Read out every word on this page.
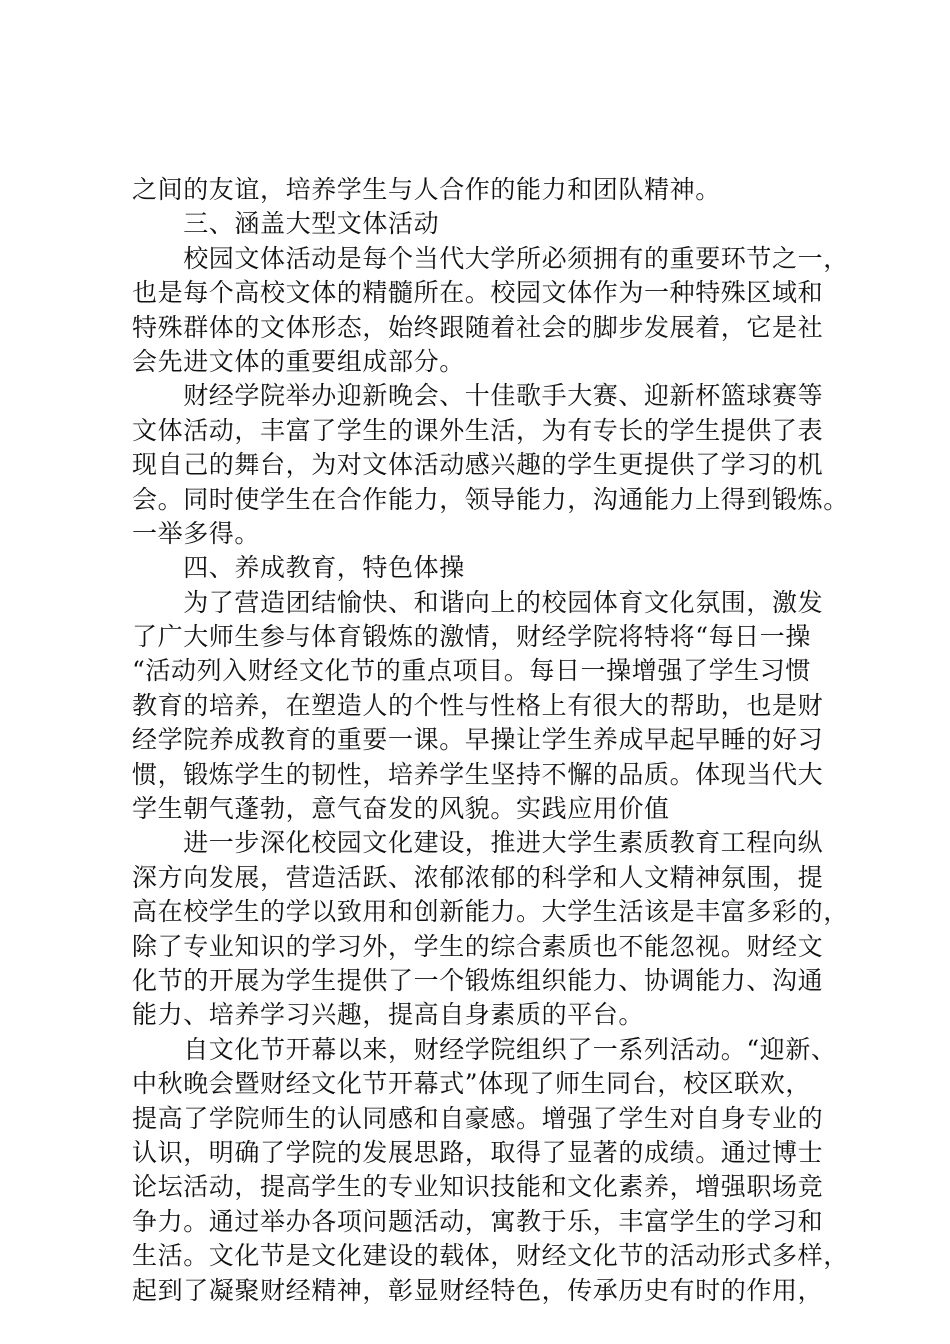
之间的友谊，培养学生与人合作的能力和团队精神。
　　三、涵盖大型文体活动
　　校园文体活动是每个当代大学所必须拥有的重要环节之一，
也是每个高校文体的精髓所在。校园文体作为一种特殊区域和
特殊群体的文体形态，始终跟随着社会的脚步发展着，它是社
会先进文体的重要组成部分。
　　财经学院举办迎新晚会、十佳歌手大赛、迎新杯篮球赛等
文体活动，丰富了学生的课外生活，为有专长的学生提供了表
现自己的舞台，为对文体活动感兴趣的学生更提供了学习的机
会。同时使学生在合作能力，领导能力，沟通能力上得到锻炼。
一举多得。
　　四、养成教育，特色体操
　　为了营造团结愉快、和谐向上的校园体育文化氛围，激发
了广大师生参与体育锻炼的激情，财经学院将特将“每日一操
“活动列入财经文化节的重点项目。每日一操增强了学生习惯
教育的培养，在塑造人的个性与性格上有很大的帮助，也是财
经学院养成教育的重要一课。早操让学生养成早起早睡的好习
惯，锻炼学生的韧性，培养学生坚持不懈的品质。体现当代大
学生朝气蓬勃，意气奋发的风貌。实践应用价值
　　进一步深化校园文化建设，推进大学生素质教育工程向纵
深方向发展，营造活跃、浓郁浓郁的科学和人文精神氛围，提
高在校学生的学以致用和创新能力。大学生活该是丰富多彩的，
除了专业知识的学习外，学生的综合素质也不能忽视。财经文
化节的开展为学生提供了一个锻炼组织能力、协调能力、沟通
能力、培养学习兴趣，提高自身素质的平台。
　　自文化节开幕以来，财经学院组织了一系列活动。“迎新、
中秋晚会暨财经文化节开幕式”体现了师生同台，校区联欢，
提高了学院师生的认同感和自豪感。增强了学生对自身专业的
认识，明确了学院的发展思路，取得了显著的成绩。通过博士
论坛活动，提高学生的专业知识技能和文化素养，增强职场竞
争力。通过举办各项问题活动，寓教于乐，丰富学生的学习和
生活。文化节是文化建设的载体，财经文化节的活动形式多样，
起到了凝聚财经精神，彰显财经特色，传承历史有时的作用，
